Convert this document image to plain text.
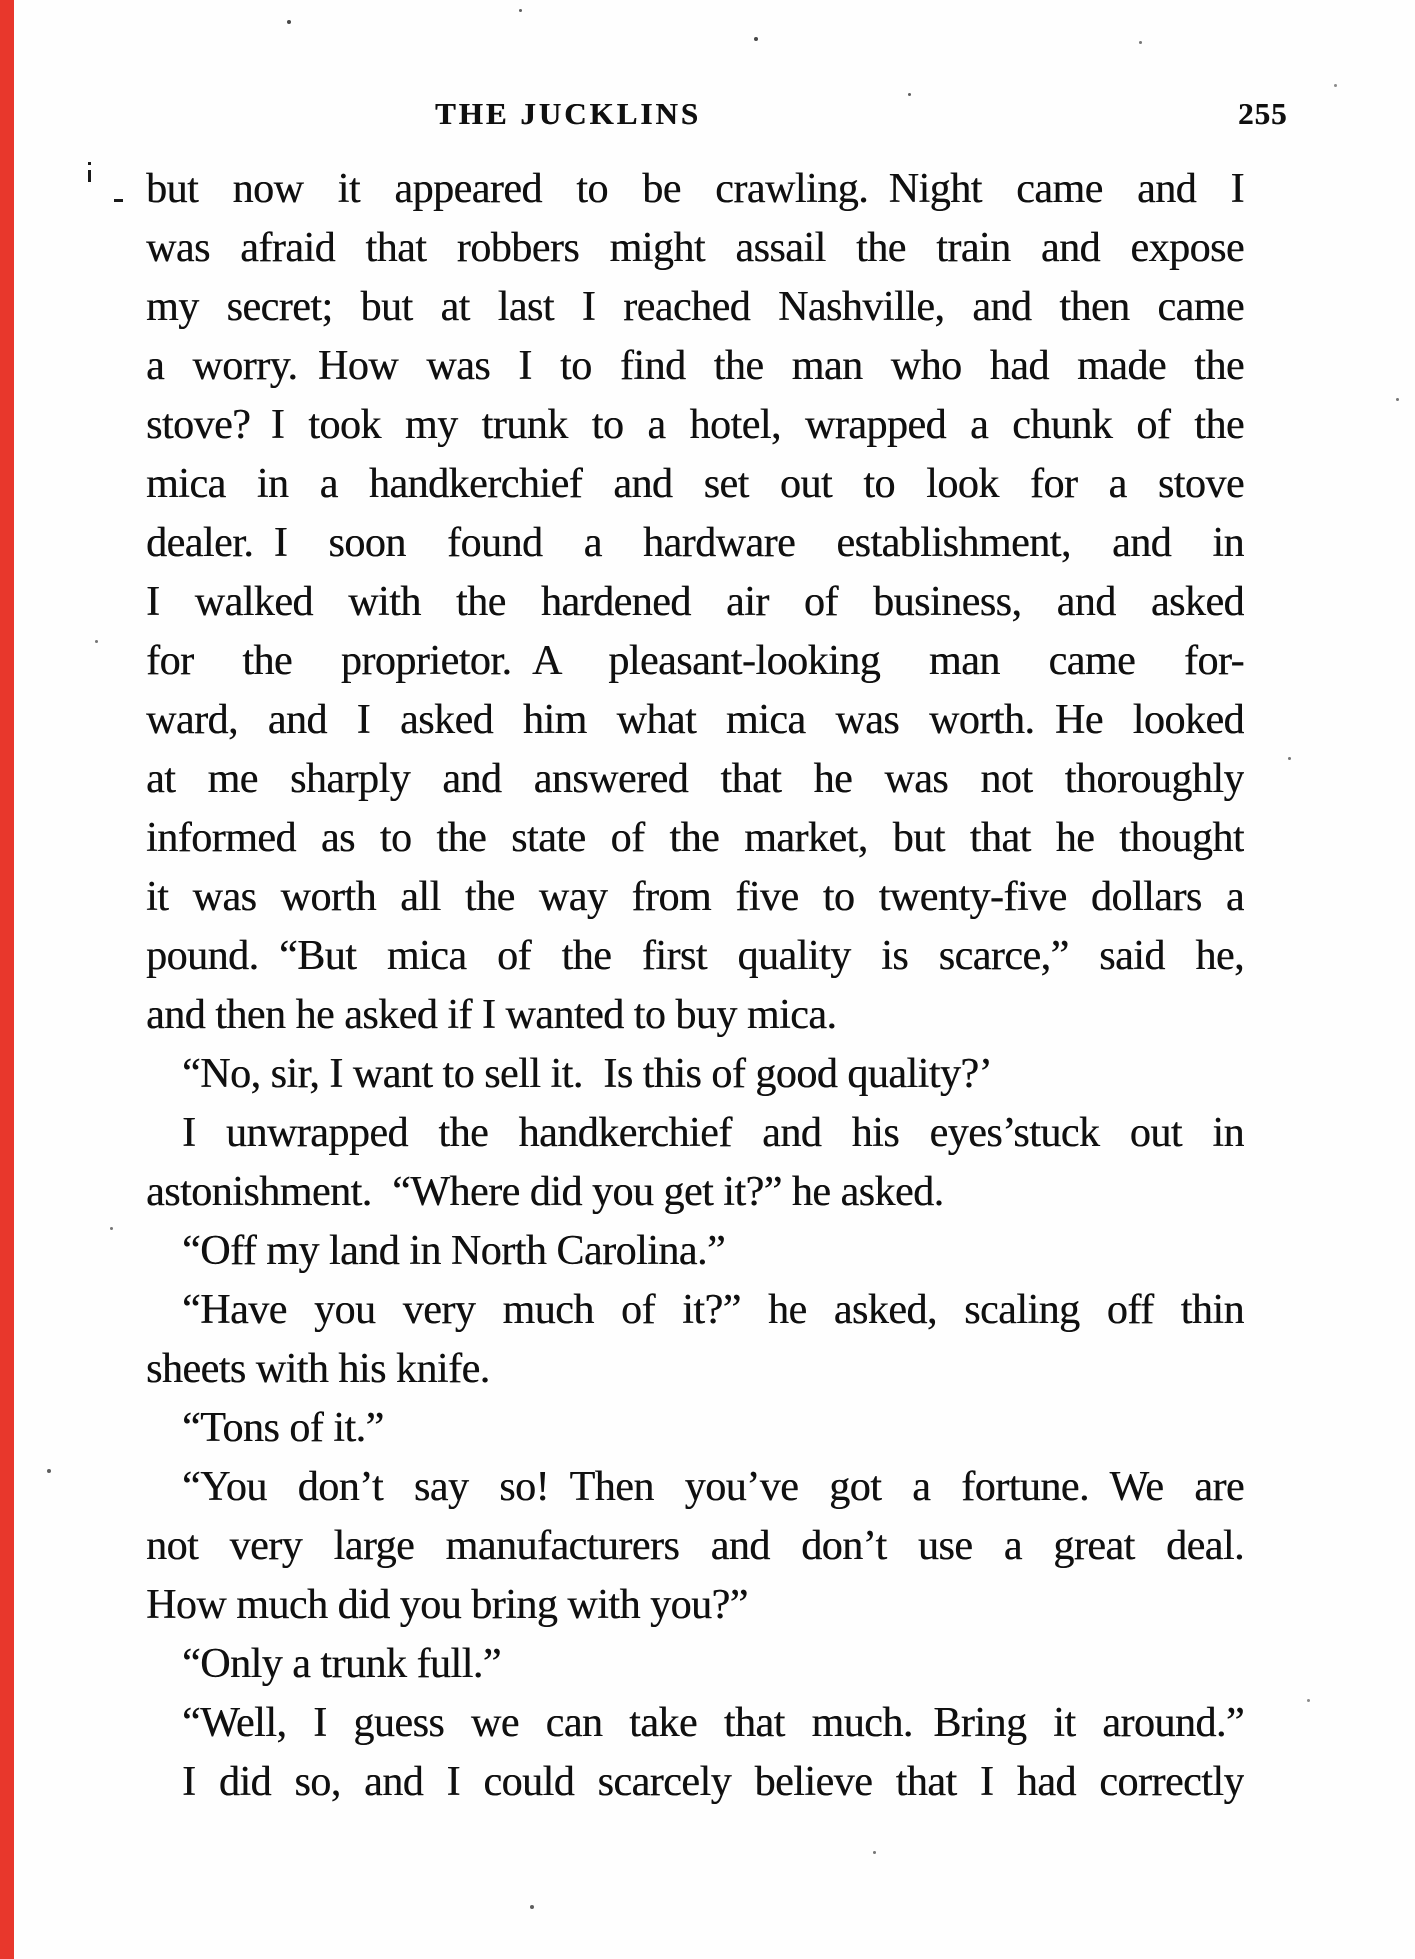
THE JUCKLINS	255
but now it appeared to be crawling. Night came and I
was afraid that robbers might assail the train and expose
my secret; but at last I reached Nashville, and then came
a worry. How was I to find the man who had made the
stove? I took my trunk to a hotel, wrapped a chunk of the
mica in a handkerchief and set out to look for a stove
dealer. I soon found a hardware establishment, and in
I walked with the hardened air of business, and asked
for the proprietor. A pleasant-looking man came for-
ward, and I asked him what mica was worth. He looked
at me sharply and answered that he was not thoroughly
informed as to the state of the market, but that he thought
it was worth all the way from five to twenty-five dollars a
pound. “But mica of the first quality is scarce,” said he,
and then he asked if I wanted to buy mica.
“No, sir, I want to sell it. Is this of good quality?’
I unwrapped the handkerchief and his eyes’stuck out in
astonishment. “Where did you get it?” he asked.
“Off my land in North Carolina.”
“Have you very much of it?” he asked, scaling off thin
sheets with his knife.
“Tons of it.”
“You don’t say so! Then you’ve got a fortune. We are
not very large manufacturers and don’t use a great deal.
How much did you bring with you?”
“Only a trunk full.”
“Well, I guess we can take that much. Bring it around.”
I did so, and I could scarcely believe that I had correctly
